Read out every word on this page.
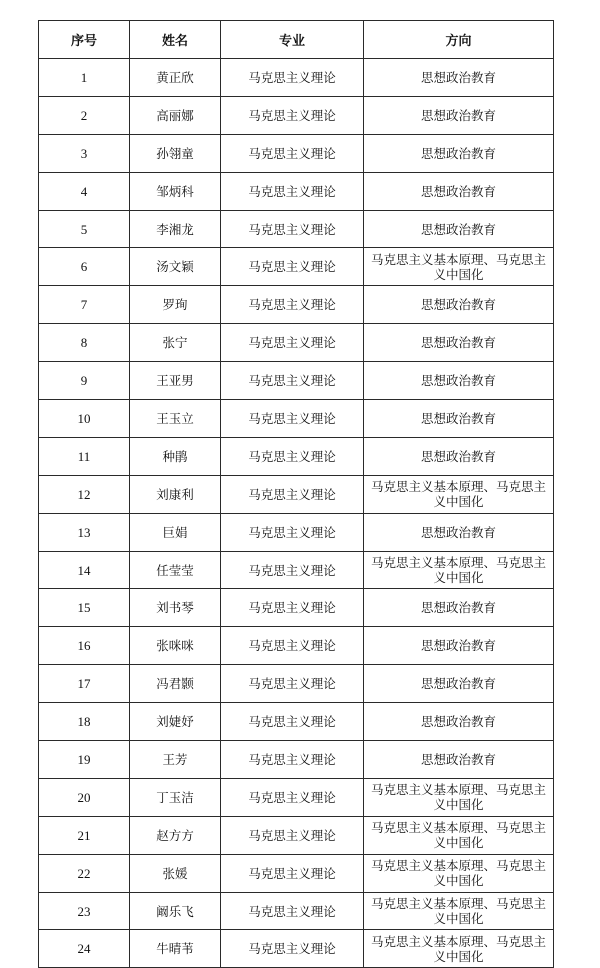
序号	姓名	专业	方向
1	黄正欣	马克思主义理论	思想政治教育
2	高丽娜	马克思主义理论	思想政治教育
3	孙翎童	马克思主义理论	思想政治教育
4	邹炳科	马克思主义理论	思想政治教育
5	李湘龙	马克思主义理论	思想政治教育
6	汤文颖	马克思主义理论	马克思主义基本原理、马克思主义中国化
7	罗珣	马克思主义理论	思想政治教育
8	张宁	马克思主义理论	思想政治教育
9	王亚男	马克思主义理论	思想政治教育
10	王玉立	马克思主义理论	思想政治教育
11	种鹃	马克思主义理论	思想政治教育
12	刘康利	马克思主义理论	马克思主义基本原理、马克思主义中国化
13	巨娟	马克思主义理论	思想政治教育
14	任莹莹	马克思主义理论	马克思主义基本原理、马克思主义中国化
15	刘书琴	马克思主义理论	思想政治教育
16	张咪咪	马克思主义理论	思想政治教育
17	冯君颢	马克思主义理论	思想政治教育
18	刘婕妤	马克思主义理论	思想政治教育
19	王芳	马克思主义理论	思想政治教育
20	丁玉洁	马克思主义理论	马克思主义基本原理、马克思主义中国化
21	赵方方	马克思主义理论	马克思主义基本原理、马克思主义中国化
22	张媛	马克思主义理论	马克思主义基本原理、马克思主义中国化
23	阚乐飞	马克思主义理论	马克思主义基本原理、马克思主义中国化
24	牛晴苇	马克思主义理论	马克思主义基本原理、马克思主义中国化
